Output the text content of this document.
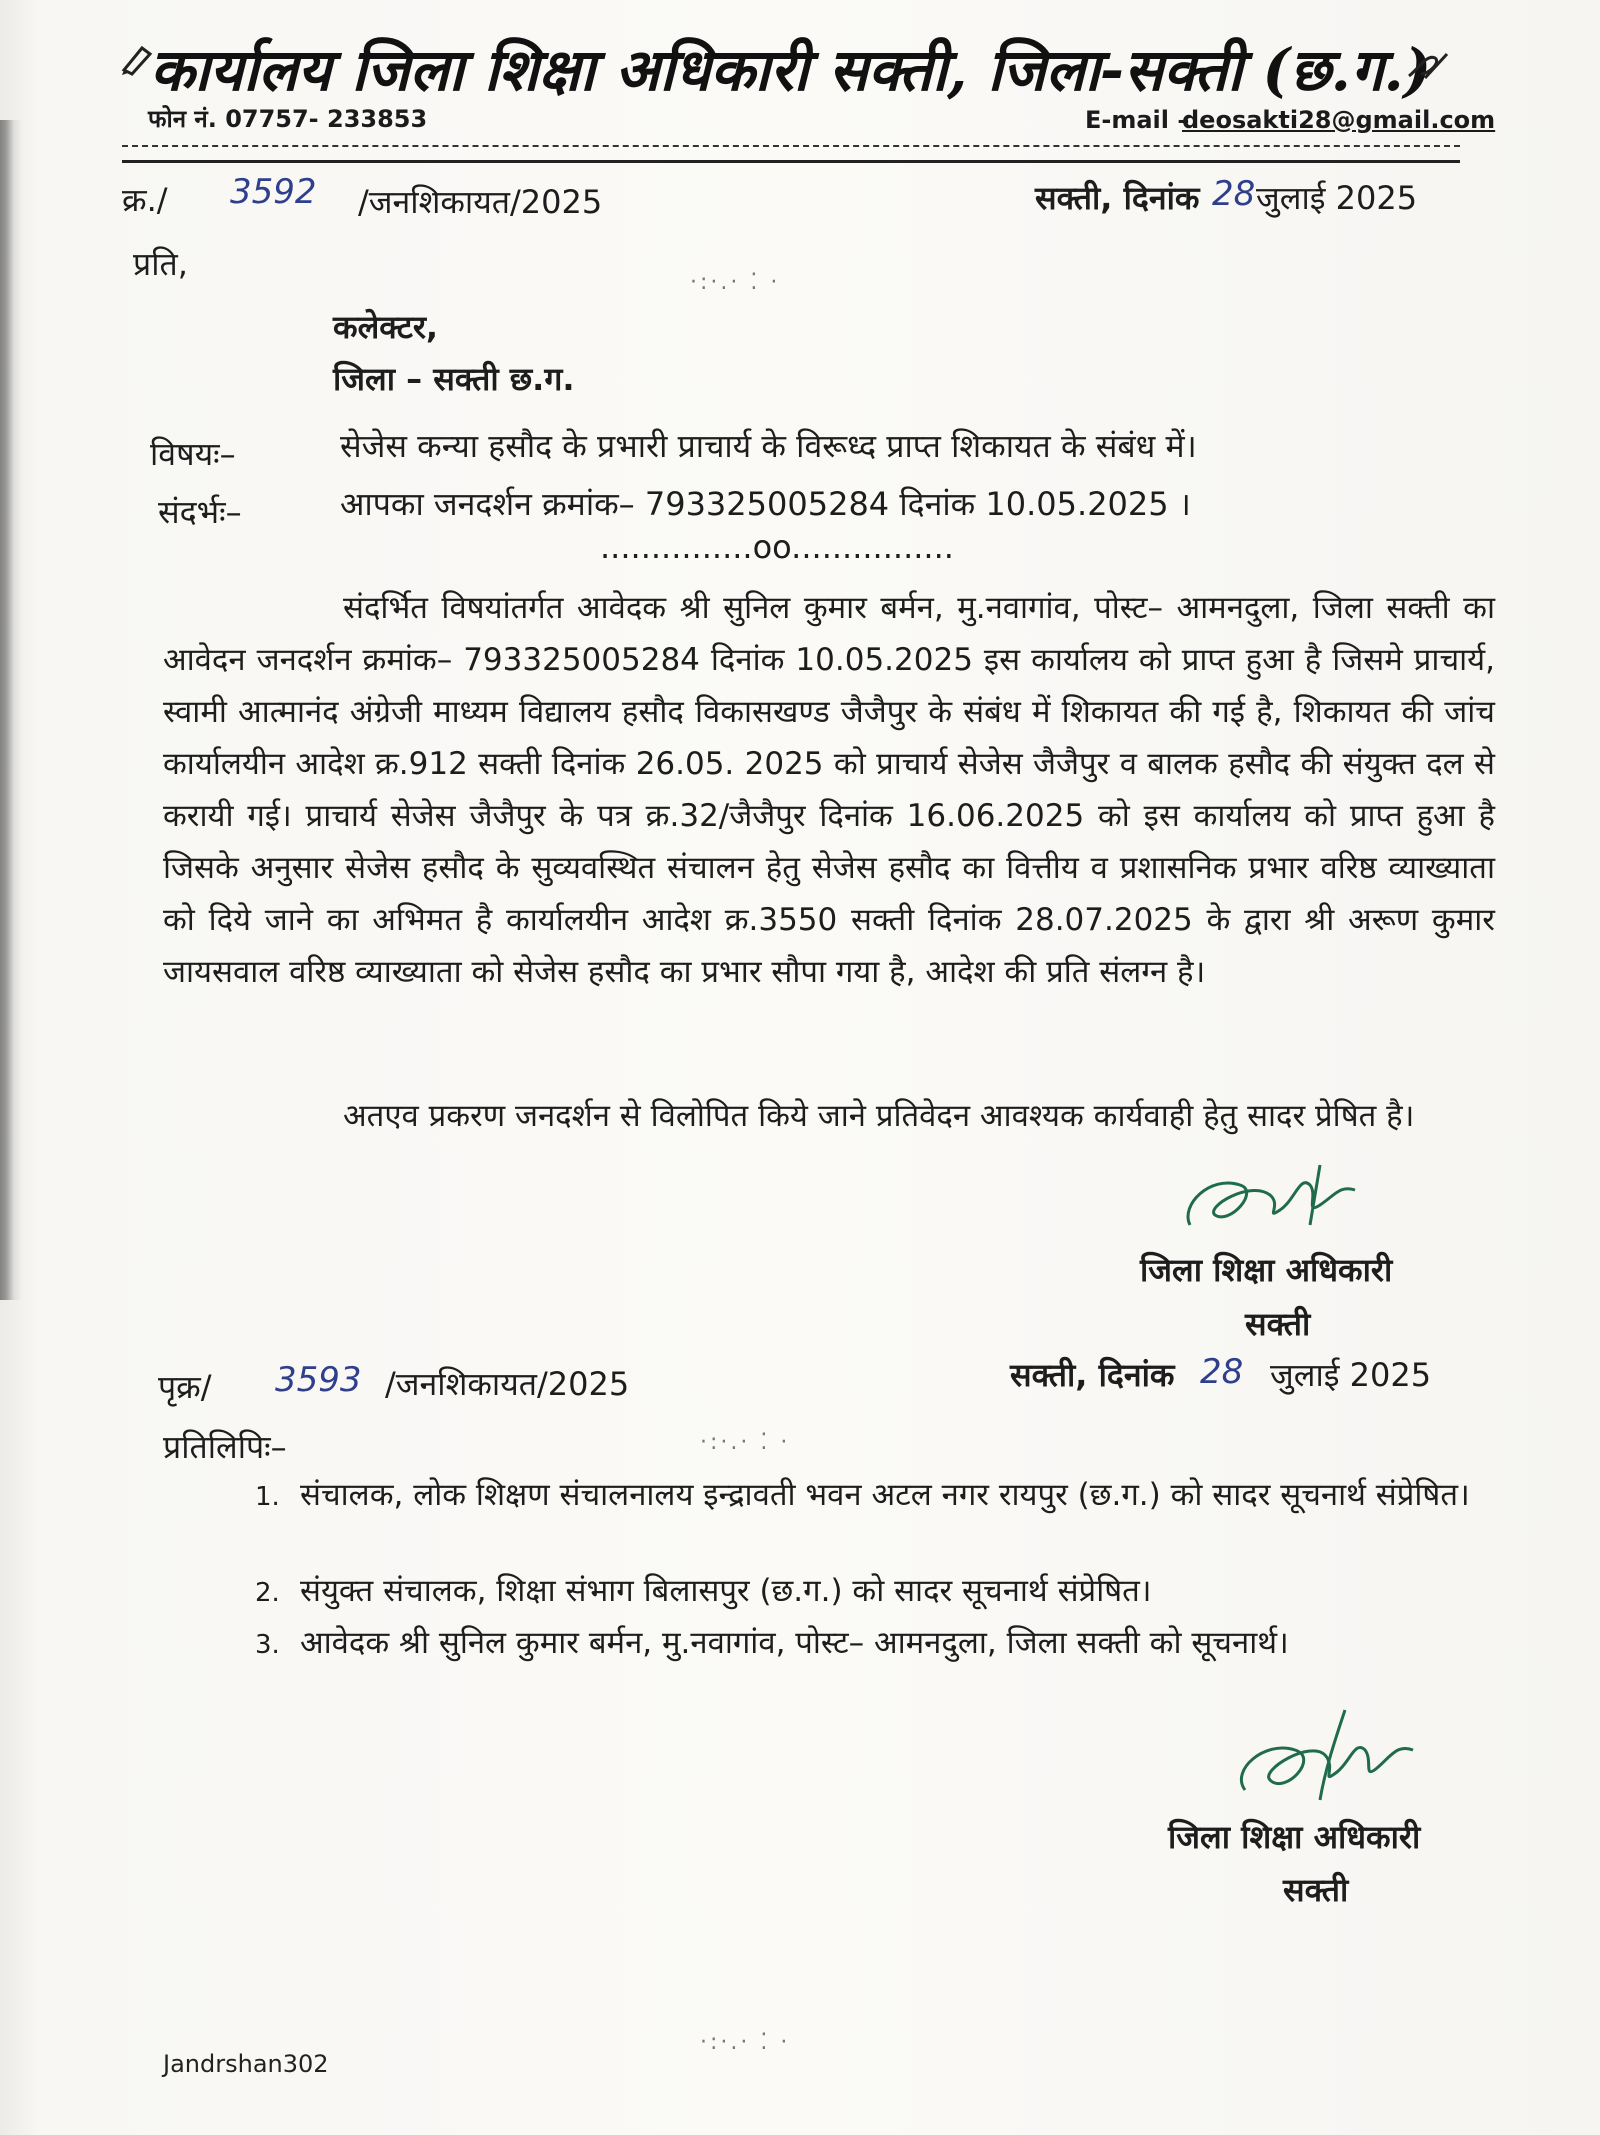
कार्यालय जिला शिक्षा अधिकारी सक्ती, जिला-सक्ती (छ.ग.)
फोन नं. 07757- 233853	E-mail –
deosakti28@gmail.com
क्र./ 3592 /जनशिकायत/2025	सक्ती, दिनांक 28 जुलाई 2025
प्रति,
कलेक्टर,
जिला – सक्ती छ.ग.
विषयः–	सेजेस कन्या हसौद के प्रभारी प्राचार्य के विरूध्द प्राप्त शिकायत के संबंध में।
संदर्भः–	आपका जनदर्शन क्रमांक– 793325005284 दिनांक 10.05.2025 ।
...............oo................
संदर्भित विषयांतर्गत आवेदक श्री सुनिल कुमार बर्मन, मु.नवागांव, पोस्ट– आमनदुला, जिला सक्ती का आवेदन जनदर्शन क्रमांक– 793325005284 दिनांक 10.05.2025 इस कार्यालय को प्राप्त हुआ है जिसमे प्राचार्य, स्वामी आत्मानंद अंग्रेजी माध्यम विद्यालय हसौद विकासखण्ड जैजैपुर के संबंध में शिकायत की गई है, शिकायत की जांच कार्यालयीन आदेश क्र.912 सक्ती दिनांक 26.05. 2025 को प्राचार्य सेजेस जैजैपुर व बालक हसौद की संयुक्त दल से करायी गई। प्राचार्य सेजेस जैजैपुर के पत्र क्र.32/जैजैपुर दिनांक 16.06.2025 को इस कार्यालय को प्राप्त हुआ है जिसके अनुसार सेजेस हसौद के सुव्यवस्थित संचालन हेतु सेजेस हसौद का वित्तीय व प्रशासनिक प्रभार वरिष्ठ व्याख्याता को दिये जाने का अभिमत है कार्यालयीन आदेश क्र.3550 सक्ती दिनांक 28.07.2025 के द्वारा श्री अरूण कुमार जायसवाल वरिष्ठ व्याख्याता को सेजेस हसौद का प्रभार सौपा गया है, आदेश की प्रति संलग्न है।
अतएव प्रकरण जनदर्शन से विलोपित किये जाने प्रतिवेदन आवश्यक कार्यवाही हेतु सादर प्रेषित है।
जिला शिक्षा अधिकारी
सक्ती
पृक्र/ 3593 /जनशिकायत/2025	सक्ती, दिनांक 28 जुलाई 2025
प्रतिलिपिः–
1. संचालक, लोक शिक्षण संचालनालय इन्द्रावती भवन अटल नगर रायपुर (छ.ग.) को सादर सूचनार्थ संप्रेषित।
2. संयुक्त संचालक, शिक्षा संभाग बिलासपुर (छ.ग.) को सादर सूचनार्थ संप्रेषित।
3. आवेदक श्री सुनिल कुमार बर्मन, मु.नवागांव, पोस्ट– आमनदुला, जिला सक्ती को सूचनार्थ।
जिला शिक्षा अधिकारी
सक्ती
Jandrshan302
·:·.· ⁚ ·
·:·.· ⁚ ·
·:·.· ⁚ ·
